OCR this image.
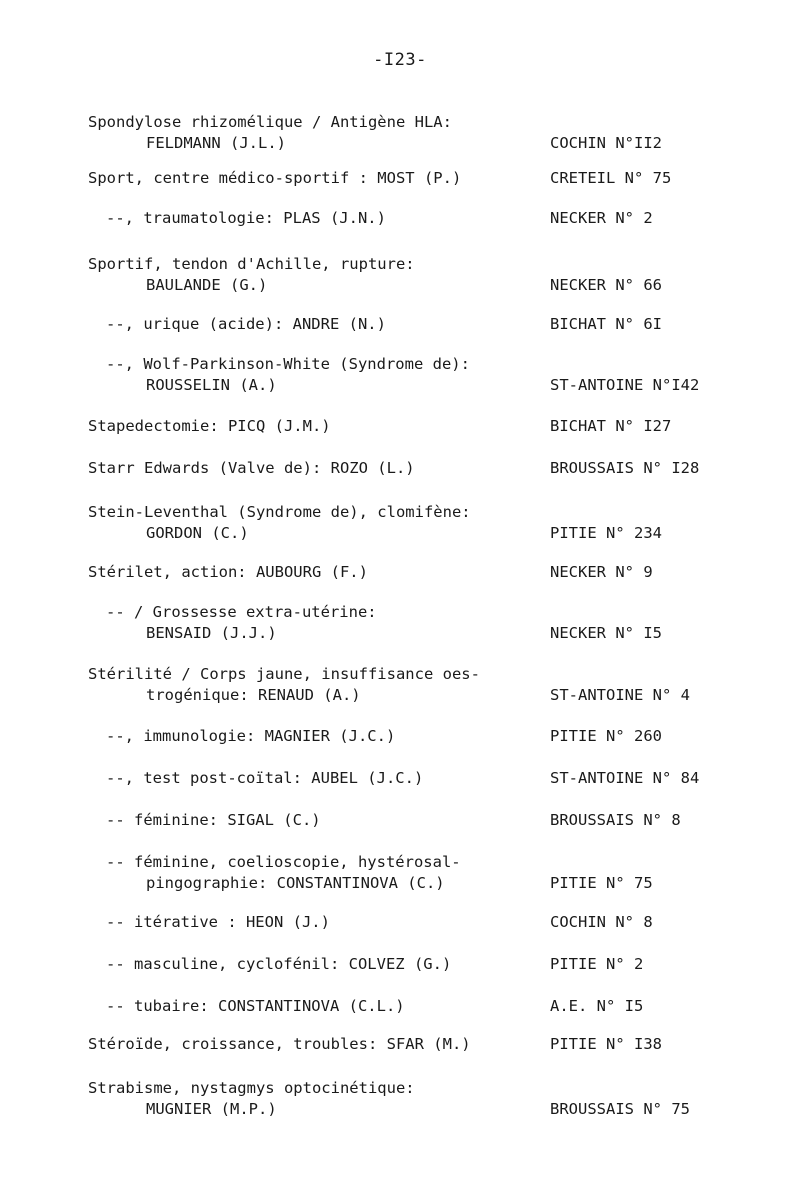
-I23-
Spondylose rhizomélique / Antigène HLA:
FELDMANN (J.L.)	COCHIN N°II2
Sport, centre médico-sportif : MOST (P.)	CRETEIL N° 75
--, traumatologie: PLAS (J.N.)	NECKER N° 2
Sportif, tendon d'Achille, rupture:
BAULANDE (G.)	NECKER N° 66
--, urique (acide): ANDRE (N.)	BICHAT N° 6I
--, Wolf-Parkinson-White (Syndrome de):
ROUSSELIN (A.)	ST-ANTOINE N°I42
Stapedectomie: PICQ (J.M.)	BICHAT N° I27
Starr Edwards (Valve de): ROZO (L.)	BROUSSAIS N° I28
Stein-Leventhal (Syndrome de), clomifène:
GORDON (C.)	PITIE N° 234
Stérilet, action: AUBOURG (F.)	NECKER N° 9
-- / Grossesse extra-utérine:
BENSAID (J.J.)	NECKER N° I5
Stérilité / Corps jaune, insuffisance oes-
trogénique: RENAUD (A.)	ST-ANTOINE N° 4
--, immunologie: MAGNIER (J.C.)	PITIE N° 260
--, test post-coïtal: AUBEL (J.C.)	ST-ANTOINE N° 84
-- féminine: SIGAL (C.)	BROUSSAIS N° 8
-- féminine, coelioscopie, hystérosal-
pingographie: CONSTANTINOVA (C.)	PITIE N° 75
-- itérative : HEON (J.)	COCHIN N° 8
-- masculine, cyclofénil: COLVEZ (G.)	PITIE N° 2
-- tubaire: CONSTANTINOVA (C.L.)	A.E. N° I5
Stéroïde, croissance, troubles: SFAR (M.)	PITIE N° I38
Strabisme, nystagmys optocinétique:
MUGNIER (M.P.)	BROUSSAIS N° 75
